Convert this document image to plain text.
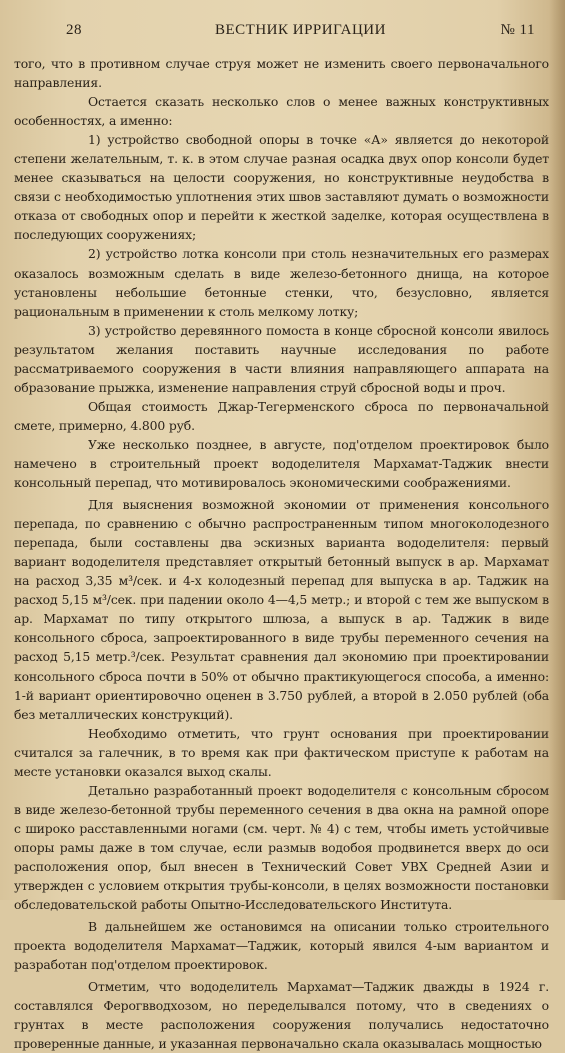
28	ВЕСТНИК ИРРИГАЦИИ	№ 11

того, что в противном случае струя может не изменить своего первоначального направления.

Остается сказать несколько слов о менее важных конструктивных особенностях, а именно:

1) устройство свободной опоры в точке «А» является до некоторой степени желательным, т. к. в этом случае разная осадка двух опор консоли будет менее сказываться на целости сооружения, но конструктивные неудобства в связи с необходимостью уплотнения этих швов заставляют думать о возможности отказа от свободных опор и перейти к жесткой заделке, которая осуществлена в последующих сооружениях;

2) устройство лотка консоли при столь незначительных его размерах оказалось возможным сделать в виде железо-бетонного днища, на которое установлены небольшие бетонные стенки, что, безусловно, является рациональным в применении к столь мелкому лотку;

3) устройство деревянного помоста в конце сбросной консоли явилось результатом желания поставить научные исследования по работе рассматриваемого сооружения в части влияния направляющего аппарата на образование прыжка, изменение направления струй сбросной воды и проч.

Общая стоимость Джар-Тегерменского сброса по первоначальной смете, примерно, 4.800 руб.

Уже несколько позднее, в августе, под'отделом проектировок было намечено в строительный проект вододелителя Мархамат-Таджик внести консольный перепад, что мотивировалось экономическими соображениями.

Для выяснения возможной экономии от применения консольного перепада, по сравнению с обычно распространенным типом многоколодезного перепада, были составлены два эскизных варианта вододелителя: первый вариант вододелителя представляет открытый бетонный выпуск в ар. Мархамат на расход 3,35 м³/сек. и 4-х колодезный перепад для выпуска в ар. Таджик на расход 5,15 м³/сек. при падении около 4—4,5 метр.; и второй с тем же выпуском в ар. Мархамат по типу открытого шлюза, а выпуск в ар. Таджик в виде консольного сброса, запроектированного в виде трубы переменного сечения на расход 5,15 метр.³/сек. Результат сравнения дал экономию при проектировании консольного сброса почти в 50% от обычно практикующегося способа, а именно: 1-й вариант ориентировочно оценен в 3.750 рублей, а второй в 2.050 рублей (оба без металлических конструкций).

Необходимо отметить, что грунт основания при проектировании считался за галечник, в то время как при фактическом приступе к работам на месте установки оказался выход скалы.

Детально разработанный проект вододелителя с консольным сбросом в виде железо-бетонной трубы переменного сечения в два окна на рамной опоре с широко расставленными ногами (см. черт. № 4) с тем, чтобы иметь устойчивые опоры рамы даже в том случае, если размыв водобоя продвинется вверх до оси расположения опор, был внесен в Технический Совет УВХ Средней Азии и утвержден с условием открытия трубы-консоли, в целях возможности постановки обследовательской работы Опытно-Исследовательского Института.

В дальнейшем же остановимся на описании только строительного проекта вододелителя Мархамат—Таджик, который явился 4-ым вариантом и разработан под'отделом проектировок.

Отметим, что вододелитель Мархамат—Таджик дважды в 1924 г. составлялся Ферогвводхозом, но переделывался потому, что в сведениях о грунтах в месте расположения сооружения получались недостаточно проверенные данные, и указанная первоначально скала оказывалась мощностью
